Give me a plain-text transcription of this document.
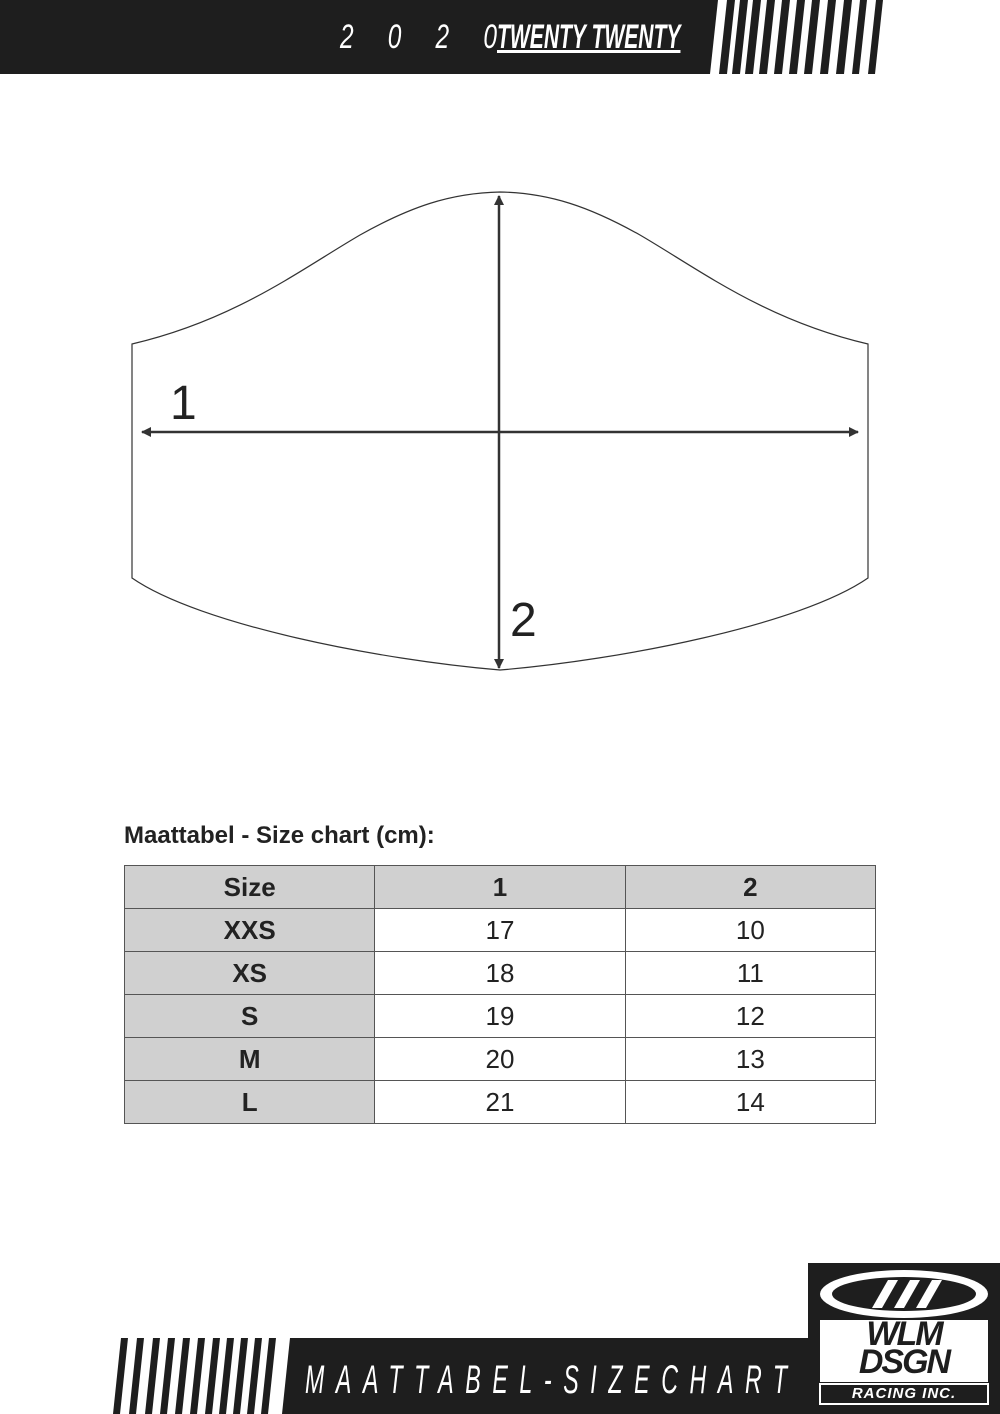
2 0 2 0
TWENTY TWENTY
1
2
Maattabel - Size chart (cm):
Size	1	2
XXS	17	10
XS	18	11
S	19	12
M	20	13
L	21	14
MAATTABEL-SIZECHART
WLM
DSGN
RACING INC.
